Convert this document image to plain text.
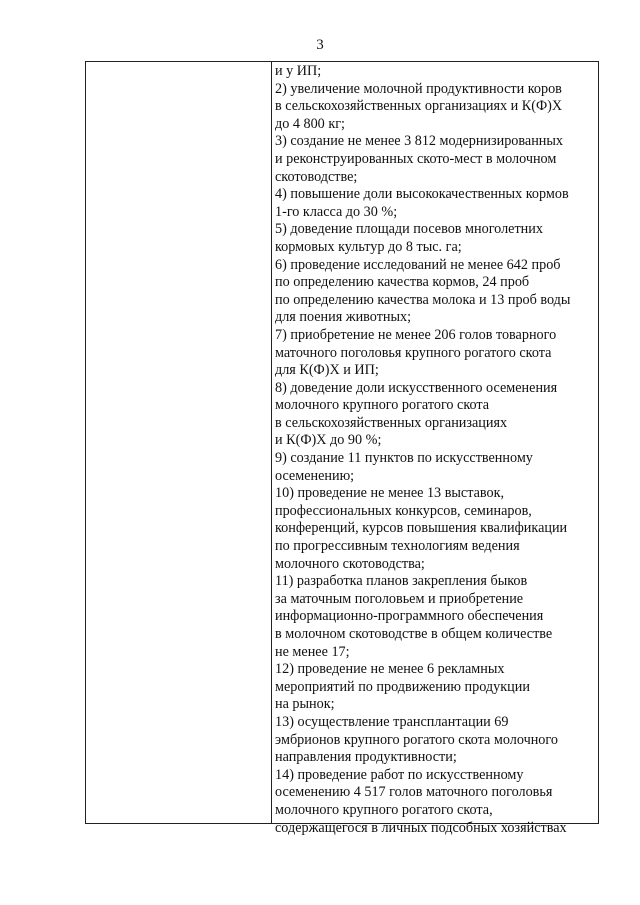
3
и у ИП;
2) увеличение молочной продуктивности коров
в сельскохозяйственных организациях и К(Ф)Х
до 4 800 кг;
3) создание не менее 3 812 модернизированных
и реконструированных ското-мест в молочном
скотоводстве;
4) повышение доли высококачественных кормов
1-го класса до 30 %;
5) доведение площади посевов многолетних
кормовых культур до 8 тыс. га;
6) проведение исследований не менее 642 проб
по определению качества кормов, 24 проб
по определению качества молока и 13 проб воды
для поения животных;
7) приобретение не менее 206 голов товарного
маточного поголовья крупного рогатого скота
для К(Ф)Х и ИП;
8) доведение доли искусственного осеменения
молочного крупного рогатого скота
в сельскохозяйственных организациях
и К(Ф)Х до 90 %;
9) создание 11 пунктов по искусственному
осеменению;
10) проведение не менее 13 выставок,
профессиональных конкурсов, семинаров,
конференций, курсов повышения квалификации
по прогрессивным технологиям ведения
молочного скотоводства;
11) разработка планов закрепления быков
за маточным поголовьем и приобретение
информационно-программного обеспечения
в молочном скотоводстве в общем количестве
не менее 17;
12) проведение не менее 6 рекламных
мероприятий по продвижению продукции
на рынок;
13) осуществление трансплантации 69
эмбрионов крупного рогатого скота молочного
направления продуктивности;
14) проведение работ по искусственному
осеменению 4 517 голов маточного поголовья
молочного крупного рогатого скота,
содержащегося в личных подсобных хозяйствах
